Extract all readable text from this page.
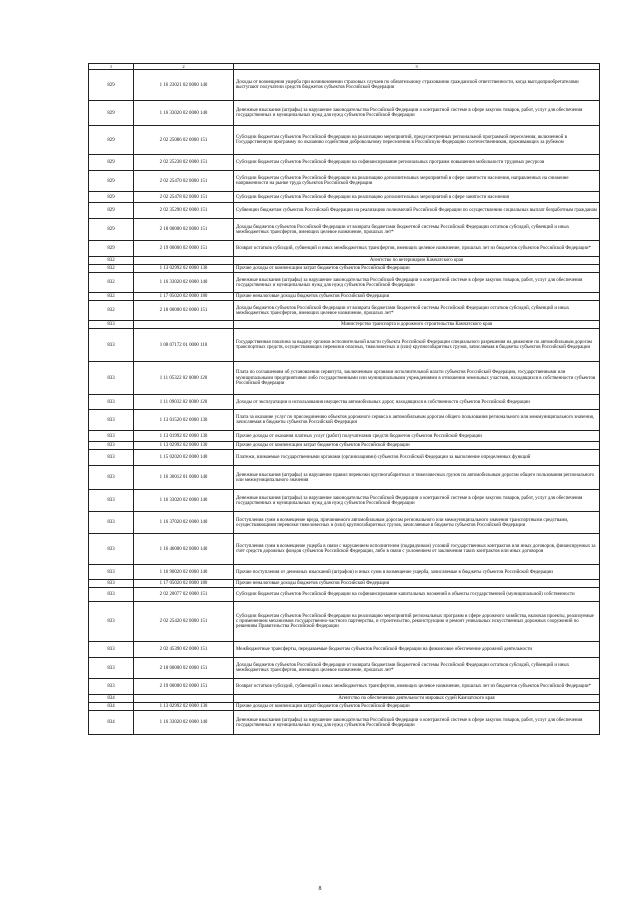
1	2	3
829	1 16 23021 02 0000 140	Доходы от возмещения ущерба при возникновении страховых случаев по обязательному страхованию гражданской ответственности, когда выгодоприобретателями выступают получатели средств бюджетов субъектов Российской Федерации
829	1 16 33020 02 0000 140	Денежные взыскания (штрафы) за нарушение законодательства Российской Федерации о контрактной системе в сфере закупок товаров, работ, услуг для обеспечения государственных и муниципальных нужд для нужд субъектов Российской Федерации
829	2 02 25086 02 0000 151	Субсидии бюджетам субъектов Российской Федерации на реализацию мероприятий, предусмотренных региональной программой переселения, включенной в Государственную программу по оказанию содействия добровольному переселению в Российскую Федерацию соотечественников, проживающих за рубежом
829	2 02 25238 02 0000 151	Субсидии бюджетам субъектов Российской Федерации на софинансирование региональных программ повышения мобильности трудовых ресурсов
829	2 02 25470 02 0000 151	Субсидии бюджетам субъектов Российской Федерации на реализацию дополнительных мероприятий в сфере занятости населения, направленных на снижение напряженности на рынке труда субъектов Российской Федерации
829	2 02 25478 02 0000 151	Субсидии бюджетам субъектов Российской Федерации на реализацию дополнительных мероприятий в сфере занятости населения
829	2 02 35290 02 0000 151	Субвенции бюджетам субъектов Российской Федерации на реализацию полномочий Российской Федерации по осуществлению социальных выплат безработным гражданам
829	2 18 00000 02 0000 151	Доходы бюджетов субъектов Российской Федерации от возврата бюджетами бюджетной системы Российской Федерации остатков субсидий, субвенций и иных межбюджетных трансфертов, имеющих целевое назначение, прошлых лет*
829	2 19 00000 02 0000 151	Возврат остатков субсидий, субвенций и иных межбюджетных трансфертов, имеющих целевое назначение, прошлых лет из бюджетов субъектов Российской Федерации*
832		Агентство по ветеринарии Камчатского края
832	1 13 02992 02 0000 130	Прочие доходы от компенсации затрат бюджетов субъектов Российской Федерации
832	1 16 33020 02 0000 140	Денежные взыскания (штрафы) за нарушение законодательства Российской Федерации о контрактной системе в сфере закупок товаров, работ, услуг для обеспечения государственных и муниципальных нужд для нужд субъектов Российской Федерации
832	1 17 05020 02 0000 180	Прочие неналоговые доходы бюджетов субъектов Российской Федерации
832	2 18 00000 02 0000 151	Доходы бюджетов субъектов Российской Федерации от возврата бюджетами бюджетной системы Российской Федерации остатков субсидий, субвенций и иных межбюджетных трансфертов, имеющих целевое назначение, прошлых лет*
833		Министерство транспорта и дорожного строительства Камчатского края
833	1 08 07172 01 0000 110	Государственная пошлина за выдачу органом исполнительной власти субъекта Российской Федерации специального разрешения на движение по автомобильным дорогам транспортных средств, осуществляющих перевозки опасных, тяжеловесных и (или) крупногабаритных грузов, зачисляемая в бюджеты субъектов Российской Федерации
833	1 11 05322 02 0000 120	Плата по соглашениям об установлении сервитута, заключенным органами исполнительной власти субъектов Российской Федерации, государственными или муниципальными предприятиями либо государственными или муниципальными учреждениями в отношении земельных участков, находящихся в собственности субъектов Российской Федерации
833	1 11 09032 02 0000 120	Доходы от эксплуатации и использования имущества автомобильных дорог, находящихся в собственности субъектов Российской Федерации
833	1 13 01520 02 0000 130	Плата за оказание услуг по присоединению объектов дорожного сервиса к автомобильным дорогам общего пользования регионального или межмуниципального значения, зачисляемая в бюджеты субъектов Российской Федерации
833	1 13 01992 02 0000 130	Прочие доходы от оказания платных услуг (работ) получателями средств бюджетов субъектов Российской Федерации
833	1 13 02992 02 0000 130	Прочие доходы от компенсации затрат бюджетов субъектов Российской Федерации
833	1 15 02020 02 0000 140	Платежи, взимаемые государственными органами (организациями) субъектов Российской Федерации за выполнение определенных функций
833	1 16 30012 01 0000 140	Денежные взыскания (штрафы) за нарушение правил перевозки крупногабаритных и тяжеловесных грузов по автомобильным дорогам общего пользования регионального или межмуниципального значения
833	1 16 33020 02 0000 140	Денежные взыскания (штрафы) за нарушение законодательства Российской Федерации о контрактной системе в сфере закупок товаров, работ, услуг для обеспечения государственных и муниципальных нужд для нужд субъектов Российской Федерации
833	1 16 37020 02 0000 140	Поступления сумм в возмещение вреда, причиняемого автомобильным дорогам регионального или межмуниципального значения транспортными средствами, осуществляющими перевозки тяжеловесных и (или) крупногабаритных грузов, зачисляемые в бюджеты субъектов Российской Федерации
833	1 16 46000 02 0000 140	Поступления сумм в возмещение ущерба в связи с нарушением исполнителем (подрядчиком) условий государственных контрактов или иных договоров, финансируемых за счет средств дорожных фондов субъектов Российской Федерации, либо в связи с уклонением от заключения таких контрактов или иных договоров
833	1 16 90020 02 0000 140	Прочие поступления от денежных взысканий (штрафов) и иных сумм в возмещение ущерба, зачисляемые в бюджеты субъектов Российской Федерации
833	1 17 05020 02 0000 180	Прочие неналоговые доходы бюджетов субъектов Российской Федерации
833	2 02 20077 02 0000 151	Субсидии бюджетам субъектов Российской Федерации на софинансирование капитальных вложений в объекты государственной (муниципальной) собственности
833	2 02 25420 02 0000 151	Субсидии бюджетам субъектов Российской Федерации на реализацию мероприятий региональных программ в сфере дорожного хозяйства, включая проекты, реализуемые с применением механизмов государственно-частного партнерства, и строительство, реконструкцию и ремонт уникальных искусственных дорожных сооружений по решениям Правительства Российской Федерации
833	2 02 45390 02 0000 151	Межбюджетные трансферты, передаваемые бюджетам субъектов Российской Федерации на финансовое обеспечение дорожной деятельности
833	2 18 00000 02 0000 151	Доходы бюджетов субъектов Российской Федерации от возврата бюджетами бюджетной системы Российской Федерации остатков субсидий, субвенций и иных межбюджетных трансфертов, имеющих целевое назначение, прошлых лет*
833	2 19 00000 02 0000 151	Возврат остатков субсидий, субвенций и иных межбюджетных трансфертов, имеющих целевое назначение, прошлых лет из бюджетов субъектов Российской Федерации*
834		Агентство по обеспечению деятельности мировых судей Камчатского края
834	1 13 02992 02 0000 130	Прочие доходы от компенсации затрат бюджетов субъектов Российской Федерации
834	1 16 33020 02 0000 140	Денежные взыскания (штрафы) за нарушение законодательства Российской Федерации о контрактной системе в сфере закупок товаров, работ, услуг для обеспечения государственных и муниципальных нужд для нужд субъектов Российской Федерации
8
